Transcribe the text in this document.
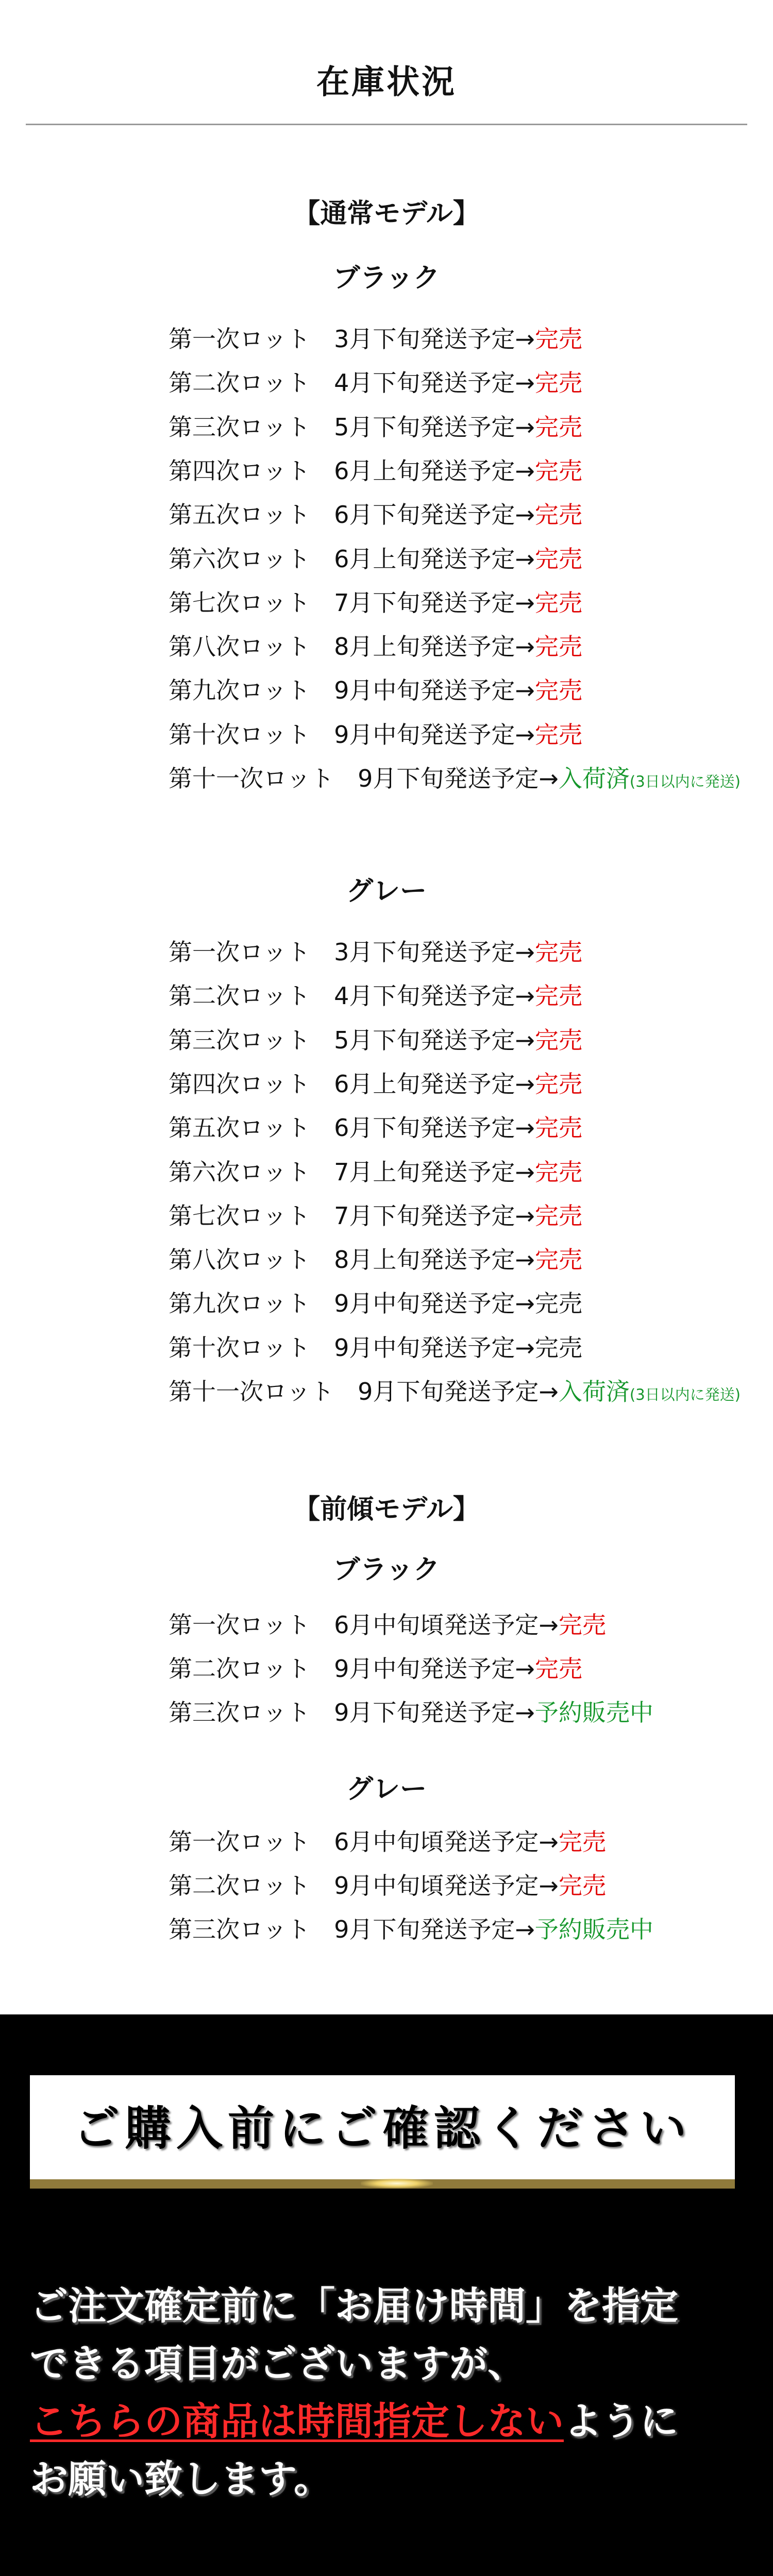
在庫状況
【通常モデル】
ブラック
第一次ロット　 3月下旬発送予定→完売
第二次ロット　 4月下旬発送予定→完売
第三次ロット　 5月下旬発送予定→完売
第四次ロット　 6月上旬発送予定→完売
第五次ロット　 6月下旬発送予定→完売
第六次ロット　 6月上旬発送予定→完売
第七次ロット　 7月下旬発送予定→完売
第八次ロット　 8月上旬発送予定→完売
第九次ロット　 9月中旬発送予定→完売
第十次ロット　 9月中旬発送予定→完売
第十一次ロット　 9月下旬発送予定→入荷済(3日以内に発送)
グレー
第一次ロット　 3月下旬発送予定→完売
第二次ロット　 4月下旬発送予定→完売
第三次ロット　 5月下旬発送予定→完売
第四次ロット　 6月上旬発送予定→完売
第五次ロット　 6月下旬発送予定→完売
第六次ロット　 7月上旬発送予定→完売
第七次ロット　 7月下旬発送予定→完売
第八次ロット　 8月上旬発送予定→完売
第九次ロット　 9月中旬発送予定→完売
第十次ロット　 9月中旬発送予定→完売
第十一次ロット　 9月下旬発送予定→入荷済(3日以内に発送)
【前傾モデル】
ブラック
第一次ロット　 6月中旬頃発送予定→完売
第二次ロット　 9月中旬発送予定→完売
第三次ロット　 9月下旬発送予定→予約販売中
グレー
第一次ロット　 6月中旬頃発送予定→完売
第二次ロット　 9月中旬頃発送予定→完売
第三次ロット　 9月下旬発送予定→予約販売中
ご購入前にご確認ください
ご注文確定前に「お届け時間」を指定
できる項目がございますが、
こちらの商品は時間指定しないように
お願い致します。
